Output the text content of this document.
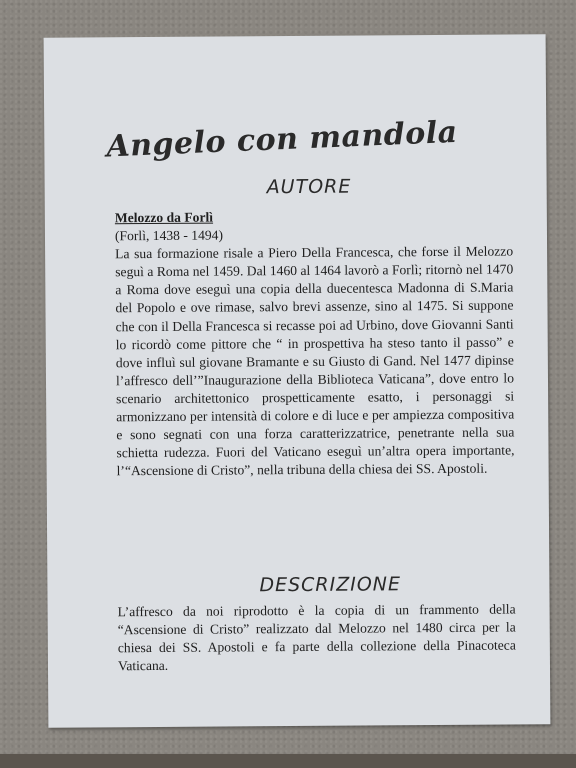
Angelo con mandola
AUTORE
Melozzo da Forlì
(Forlì, 1438 - 1494)
La sua formazione risale a Piero Della Francesca, che forse il Melozzo seguì a Roma nel 1459. Dal 1460 al 1464 lavorò a Forlì; ritornò nel 1470 a Roma dove eseguì una copia della duecentesca Madonna di S.Maria del Popolo e ove rimase, salvo brevi assenze, sino al 1475. Si suppone che con il Della Francesca si recasse poi ad Urbino, dove Giovanni Santi lo ricordò come pittore che “ in prospettiva ha steso tanto il passo” e dove influì sul giovane Bramante e su Giusto di Gand. Nel 1477 dipinse l’affresco dell’”Inaugurazione della Biblioteca Vaticana”, dove entro lo scenario architettonico prospetticamente esatto, i personaggi si armonizzano per intensità di colore e di luce e per ampiezza compositiva e sono segnati con una forza caratterizzatrice, penetrante nella sua schietta rudezza. Fuori del Vaticano eseguì un’altra opera importante, l’“Ascensione di Cristo”, nella tribuna della chiesa dei SS. Apostoli.
DESCRIZIONE
L’affresco da noi riprodotto è la copia di un frammento della “Ascensione di Cristo” realizzato dal Melozzo nel 1480 circa per la chiesa dei SS. Apostoli e fa parte della collezione della Pinacoteca Vaticana.
